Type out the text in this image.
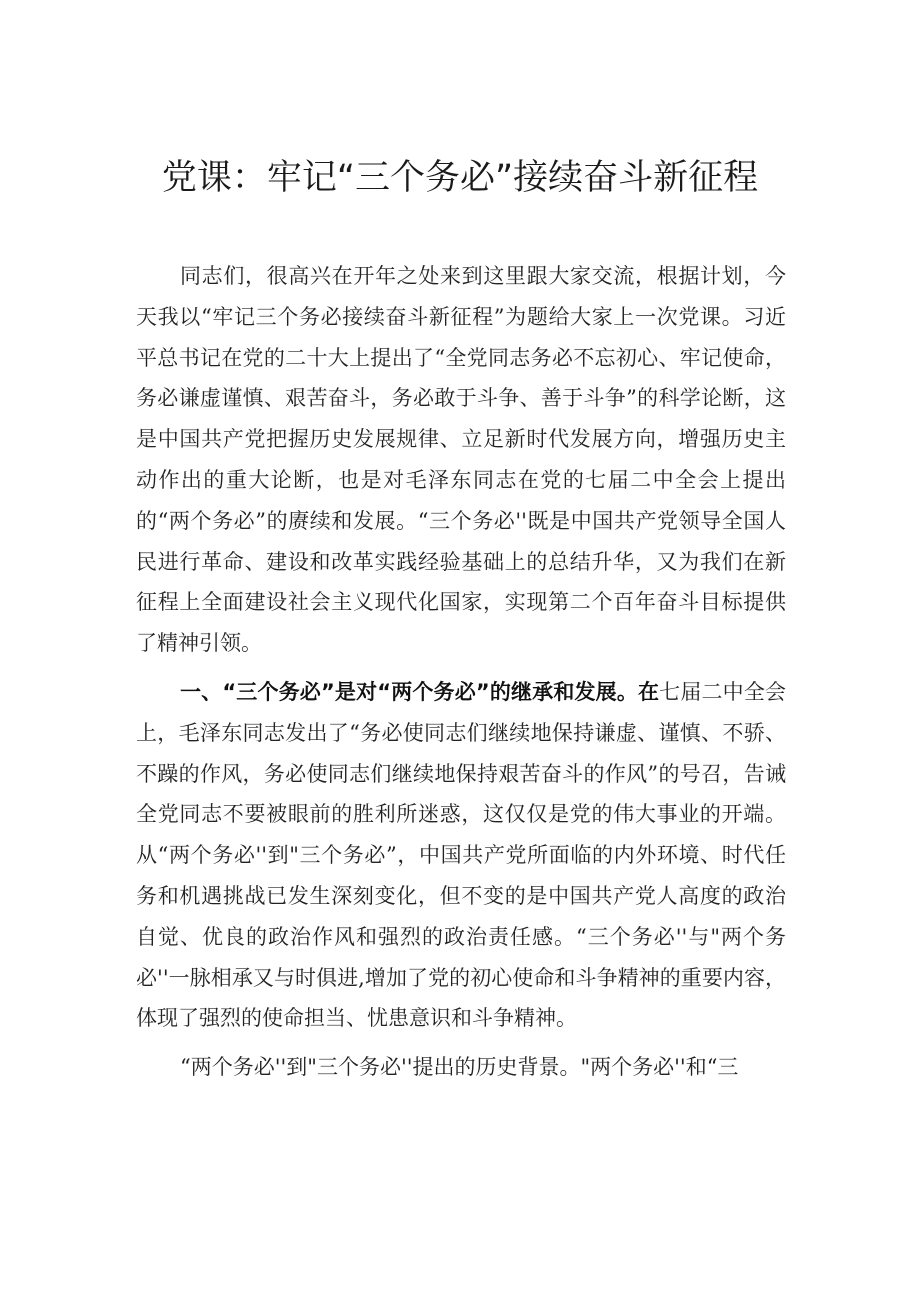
党课：牢记“三个务必”接续奋斗新征程

同志们，很高兴在开年之处来到这里跟大家交流，根据计划，今天我以“牢记三个务必接续奋斗新征程”为题给大家上一次党课。习近平总书记在党的二十大上提出了“全党同志务必不忘初心、牢记使命，务必谦虚谨慎、艰苦奋斗，务必敢于斗争、善于斗争”的科学论断，这是中国共产党把握历史发展规律、立足新时代发展方向，增强历史主动作出的重大论断，也是对毛泽东同志在党的七届二中全会上提出的“两个务必”的赓续和发展。“三个务必''既是中国共产党领导全国人民进行革命、建设和改革实践经验基础上的总结升华，又为我们在新征程上全面建设社会主义现代化国家，实现第二个百年奋斗目标提供了精神引领。

一、“三个务必”是对“两个务必”的继承和发展。在七届二中全会上，毛泽东同志发出了“务必使同志们继续地保持谦虚、谨慎、不骄、不躁的作风，务必使同志们继续地保持艰苦奋斗的作风”的号召，告诫全党同志不要被眼前的胜利所迷惑，这仅仅是党的伟大事业的开端。从“两个务必''到"三个务必”，中国共产党所面临的内外环境、时代任务和机遇挑战已发生深刻变化，但不变的是中国共产党人高度的政治自觉、优良的政治作风和强烈的政治责任感。“三个务必''与"两个务必''一脉相承又与时俱进,增加了党的初心使命和斗争精神的重要内容，体现了强烈的使命担当、忧患意识和斗争精神。

“两个务必''到"三个务必''提出的历史背景。"两个务必''和“三
